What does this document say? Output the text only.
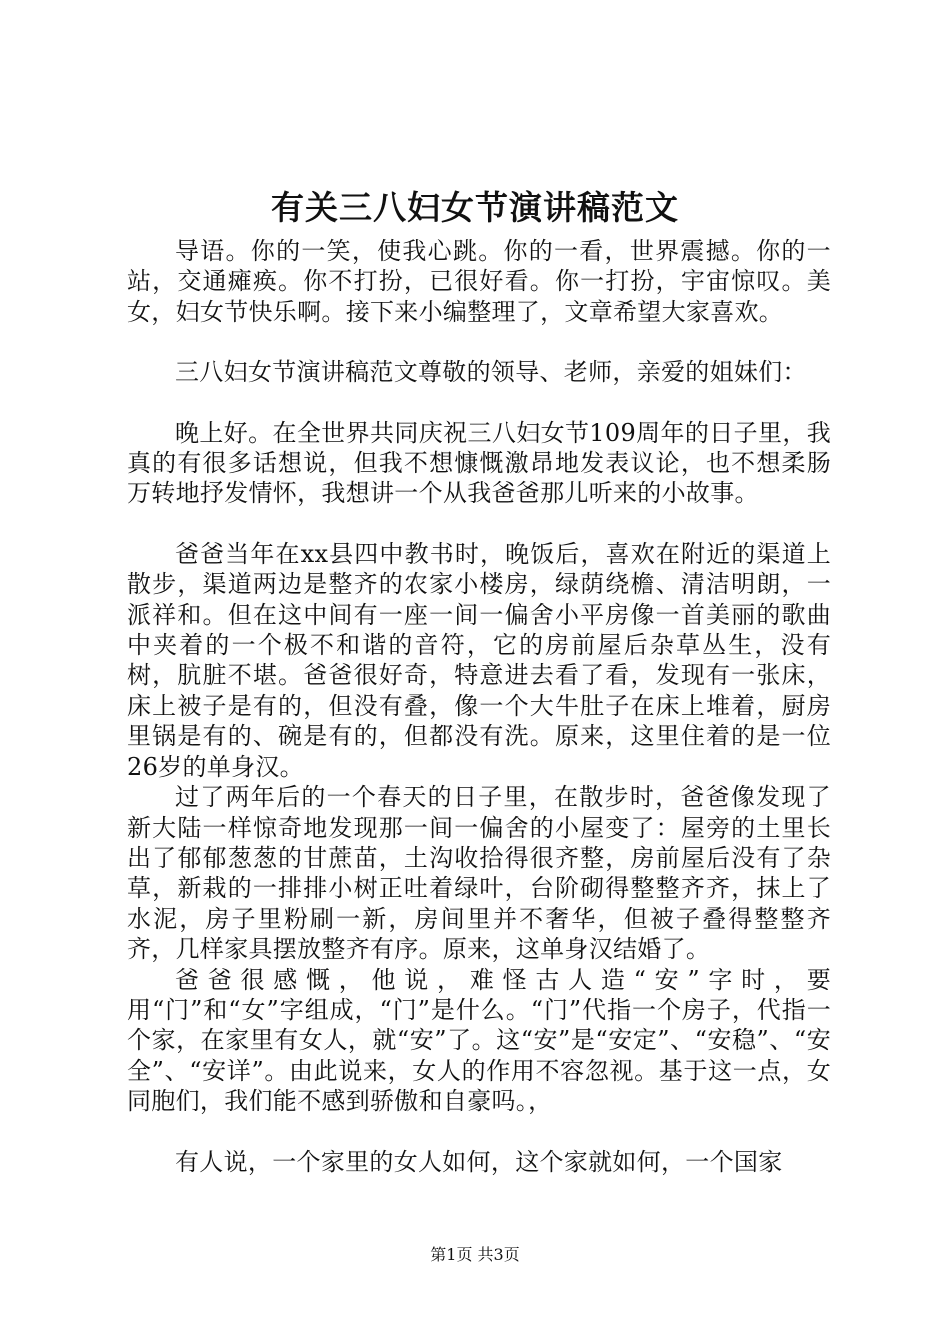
有关三八妇女节演讲稿范文

导语。你的一笑，使我心跳。你的一看，世界震撼。你的一站，交通瘫痪。你不打扮，已很好看。你一打扮，宇宙惊叹。美女，妇女节快乐啊。接下来小编整理了，文章希望大家喜欢。

三八妇女节演讲稿范文尊敬的领导、老师，亲爱的姐妹们：

晚上好。在全世界共同庆祝三八妇女节109周年的日子里，我真的有很多话想说，但我不想慷慨激昂地发表议论，也不想柔肠万转地抒发情怀，我想讲一个从我爸爸那儿听来的小故事。

爸爸当年在xx县四中教书时，晚饭后，喜欢在附近的渠道上散步，渠道两边是整齐的农家小楼房，绿荫绕檐、清洁明朗，一派祥和。但在这中间有一座一间一偏舍小平房像一首美丽的歌曲中夹着的一个极不和谐的音符，它的房前屋后杂草丛生，没有树，肮脏不堪。爸爸很好奇，特意进去看了看，发现有一张床，床上被子是有的，但没有叠，像一个大牛肚子在床上堆着，厨房里锅是有的、碗是有的，但都没有洗。原来，这里住着的是一位26岁的单身汉。

过了两年后的一个春天的日子里，在散步时，爸爸像发现了新大陆一样惊奇地发现那一间一偏舍的小屋变了：屋旁的土里长出了郁郁葱葱的甘蔗苗，土沟收拾得很齐整，房前屋后没有了杂草，新栽的一排排小树正吐着绿叶，台阶砌得整整齐齐，抹上了水泥，房子里粉刷一新，房间里并不奢华，但被子叠得整整齐齐，几样家具摆放整齐有序。原来，这单身汉结婚了。

爸爸很感慨，他说，难怪古人造“安”字时，要用“门”和“女”字组成，“门”是什么。“门”代指一个房子，代指一个家，在家里有女人，就“安”了。这“安”是“安定”、“安稳”、“安全”、“安详”。由此说来，女人的作用不容忽视。基于这一点，女同胞们，我们能不感到骄傲和自豪吗。，

有人说，一个家里的女人如何，这个家就如何，一个国家

第1页 共3页
